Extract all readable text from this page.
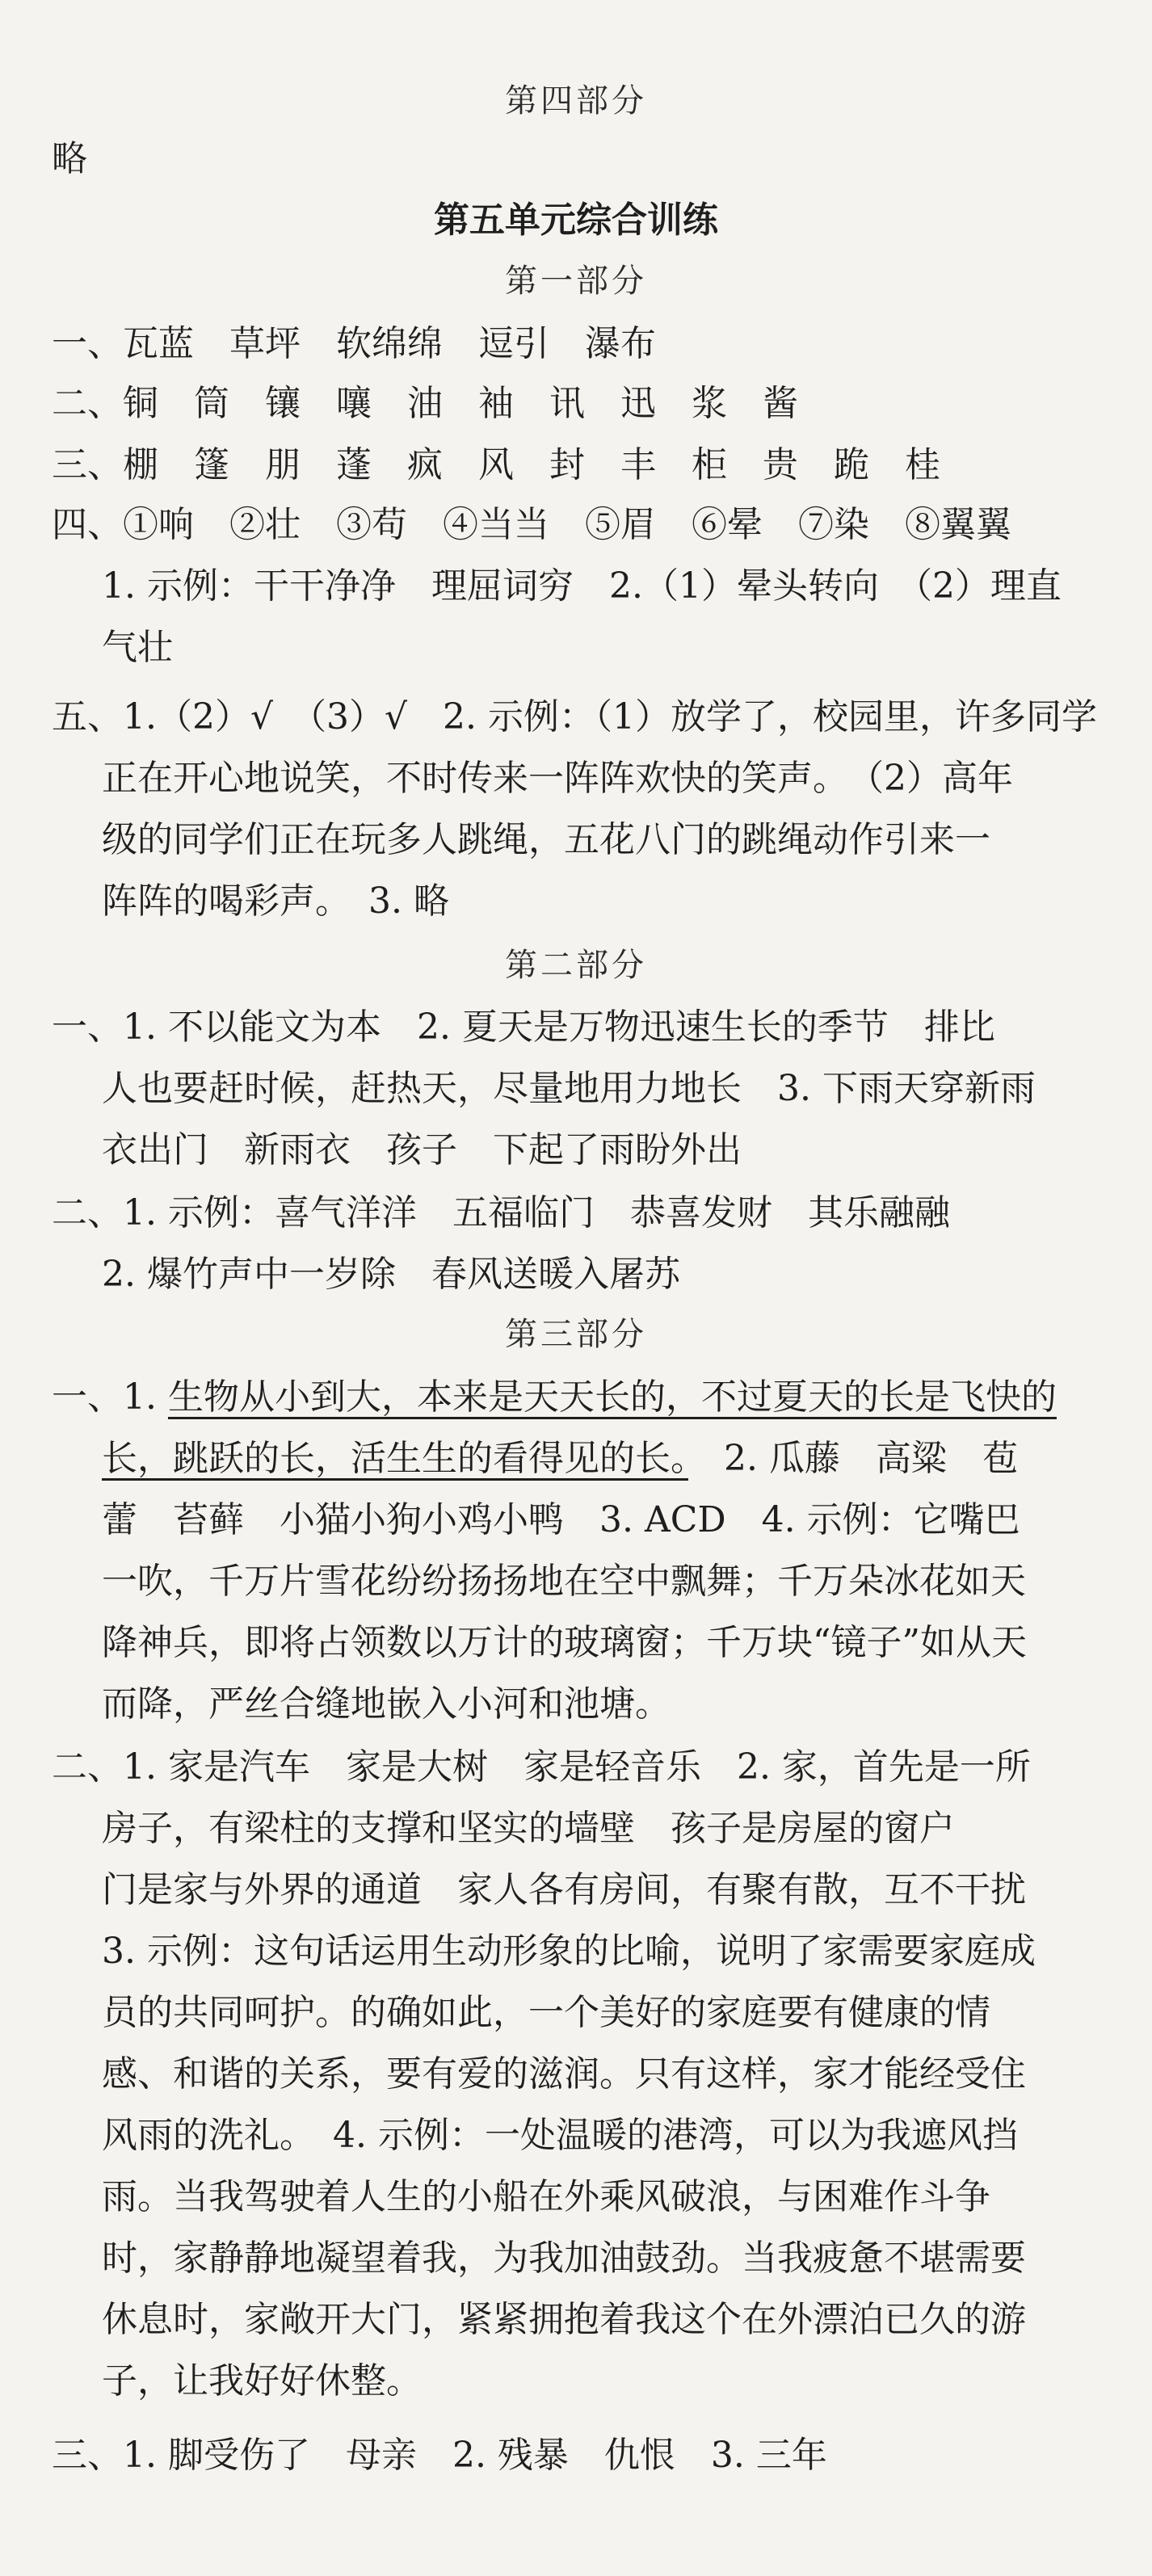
第四部分
略
第五单元综合训练
第一部分
一、瓦蓝　草坪　软绵绵　逗引　瀑布
二、铜　筒　镶　嚷　油　袖　讯　迅　浆　酱
三、棚　篷　朋　蓬　疯　风　封　丰　柜　贵　跪　桂
四、①响　②壮　③苟　④当当　⑤眉　⑥晕　⑦染　⑧翼翼
1. 示例：干干净净　理屈词穷　2.（1）晕头转向　（2）理直
气壮
五、1.（2）√　（3）√　2. 示例：（1）放学了，校园里，许多同学
正在开心地说笑，不时传来一阵阵欢快的笑声。　（2）高年
级的同学们正在玩多人跳绳，五花八门的跳绳动作引来一
阵阵的喝彩声。　3. 略
第二部分
一、1. 不以能文为本　2. 夏天是万物迅速生长的季节　排比
人也要赶时候，赶热天，尽量地用力地长　3. 下雨天穿新雨
衣出门　新雨衣　孩子　下起了雨盼外出
二、1. 示例：喜气洋洋　五福临门　恭喜发财　其乐融融
2. 爆竹声中一岁除　春风送暖入屠苏
第三部分
一、1. 生物从小到大，本来是天天长的，不过夏天的长是飞快的
长，跳跃的长，活生生的看得见的长。　2. 瓜藤　高粱　苞
蕾　苔藓　小猫小狗小鸡小鸭　3. ACD　4. 示例：它嘴巴
一吹，千万片雪花纷纷扬扬地在空中飘舞；千万朵冰花如天
降神兵，即将占领数以万计的玻璃窗；千万块“镜子”如从天
而降，严丝合缝地嵌入小河和池塘。
二、1. 家是汽车　家是大树　家是轻音乐　2. 家，首先是一所
房子，有梁柱的支撑和坚实的墙壁　孩子是房屋的窗户
门是家与外界的通道　家人各有房间，有聚有散，互不干扰
3. 示例：这句话运用生动形象的比喻，说明了家需要家庭成
员的共同呵护。的确如此，一个美好的家庭要有健康的情
感、和谐的关系，要有爱的滋润。只有这样，家才能经受住
风雨的洗礼。　4. 示例：一处温暖的港湾，可以为我遮风挡
雨。当我驾驶着人生的小船在外乘风破浪，与困难作斗争
时，家静静地凝望着我，为我加油鼓劲。当我疲惫不堪需要
休息时，家敞开大门，紧紧拥抱着我这个在外漂泊已久的游
子，让我好好休整。
三、1. 脚受伤了　母亲　2. 残暴　仇恨　3. 三年
